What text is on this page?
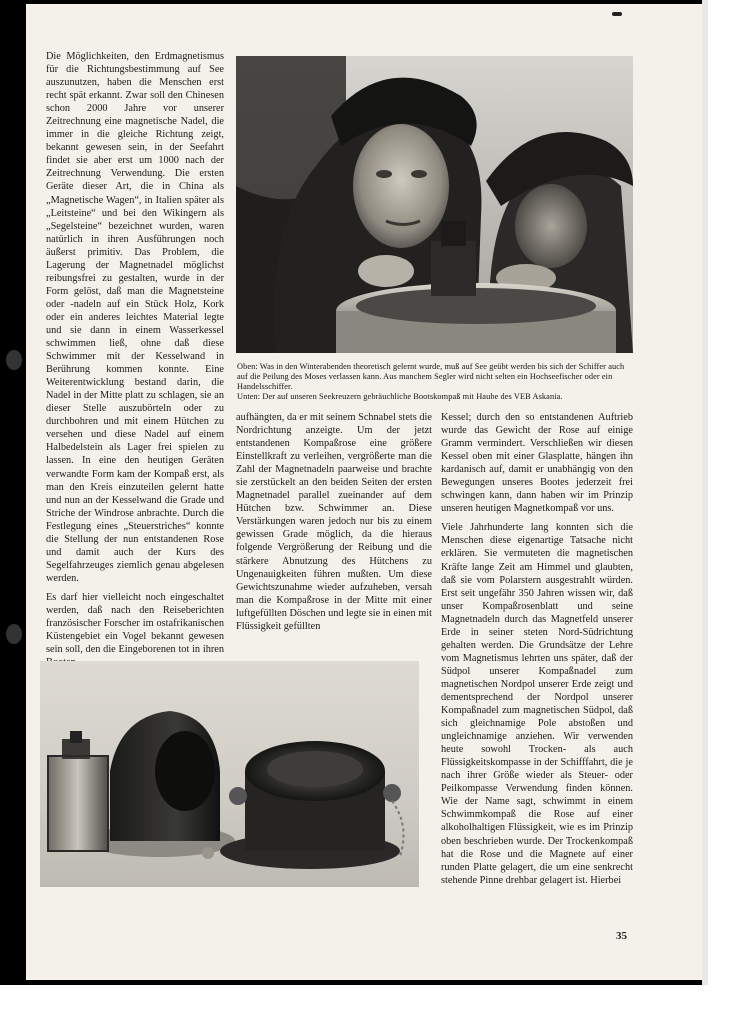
Oben: Was in den Winterabenden theoretisch gelernt wurde, muß auf See geübt werden bis sich der Schiffer auch auf die Peilung des Moses verlassen kann. Aus manchem Segler wird nicht selten ein Hochseefischer oder ein Handelsschiffer.
Unten: Der auf unseren Seekreuzern gebräuchliche Bootskompaß mit Haube des VEB Askania.

Die Möglichkeiten, den Erdmagnetismus für die Richtungsbestimmung auf See auszunutzen, haben die Menschen erst recht spät erkannt. Zwar soll den Chinesen schon 2000 Jahre vor unserer Zeitrechnung eine magnetische Nadel, die immer in die gleiche Richtung zeigt, bekannt gewesen sein, in der Seefahrt findet sie aber erst um 1000 nach der Zeitrechnung Verwendung. Die ersten Geräte dieser Art, die in China als „Magnetische Wagen“, in Italien später als „Leitsteine“ und bei den Wikingern als „Segelsteine“ bezeichnet wurden, waren natürlich in ihren Ausführungen noch äußerst primitiv. Das Problem, die Lagerung der Magnetnadel möglichst reibungsfrei zu gestalten, wurde in der Form gelöst, daß man die Magnetsteine oder -nadeln auf ein Stück Holz, Kork oder ein anderes leichtes Material legte und sie dann in einem Wasserkessel schwimmen ließ, ohne daß diese Schwimmer mit der Kesselwand in Berührung kommen konnte. Eine Weiterentwicklung bestand darin, die Nadel in der Mitte platt zu schlagen, sie an dieser Stelle auszubörteln oder zu durchbohren und mit einem Hütchen zu versehen und diese Nadel auf einem Halbedelstein als Lager frei spielen zu lassen. In eine den heutigen Geräten verwandte Form kam der Kompaß erst, als man den Kreis einzuteilen gelernt hatte und nun an der Kesselwand die Grade und Striche der Windrose anbrachte. Durch die Festlegung eines „Steuerstriches“ konnte die Stellung der nun entstandenen Rose und damit auch der Kurs des Segelfahrzeuges ziemlich genau abgelesen werden.

Es darf hier vielleicht noch eingeschaltet werden, daß nach den Reiseberichten französischer Forscher im ostafrikanischen Küstengebiet ein Vogel bekannt gewesen sein soll, den die Eingeborenen tot in ihren

aufhängten, da er mit seinem Schnabel stets die Nordrichtung anzeigte. Um der jetzt entstandenen Kompaßrose eine größere Einstellkraft zu verleihen, vergrößerte man die Zahl der Magnetnadeln paarweise und brachte sie zerstückelt an den beiden Seiten der ersten Magnetnadel parallel zueinander auf dem Hütchen bzw. Schwimmer an. Diese Verstärkungen waren jedoch nur bis zu einem gewissen Grade möglich, da die hieraus folgende Vergrößerung der Reibung und die stärkere Abnutzung des Hütchens zu Ungenauigkeiten führen mußten. Um diese Gewichtszunahme wieder aufzuheben, versah man die Kompaßrose in der Mitte mit einer luftgefüllten Döschen und legte sie in einen mit Flüssigkeit gefüllten

Kessel; durch den so entstandenen Auftrieb wurde das Gewicht der Rose auf einige Gramm vermindert. Verschließen wir diesen Kessel oben mit einer Glasplatte, hängen ihn kardanisch auf, damit er unabhängig von den Bewegungen unseres Bootes jederzeit frei schwingen kann, dann haben wir im Prinzip unseren heutigen Magnetkompaß vor uns.

Viele Jahrhunderte lang konnten sich die Menschen diese eigenartige Tatsache nicht erklären. Sie vermuteten die magnetischen Kräfte lange Zeit am Himmel und glaubten, daß sie vom Polarstern ausgestrahlt würden. Erst seit ungefähr 350 Jahren wissen wir, daß unser Kompaßrosenblatt und seine Magnetnadeln durch das Magnetfeld unserer Erde in seiner steten Nord-Südrichtung gehalten werden. Die Grundsätze der Lehre vom Magnetismus lehrten uns später, daß der Südpol unserer Kompaßnadel zum magnetischen Nordpol unserer Erde zeigt und dementsprechend der Nordpol unserer Kompaßnadel zum magnetischen Südpol, daß sich gleichnamige Pole abstoßen und ungleichnamige anziehen. Wir verwenden heute sowohl Trocken- als auch Flüssigkeitskompasse in der Schifffahrt, die je nach ihrer Größe wieder als Steuer- oder Peilkompasse Verwendung finden können. Wie der Name sagt, schwimmt in einem Schwimmkompaß die Rose auf einer alkoholhaltigen Flüssigkeit, wie es im Prinzip oben beschrieben wurde. Der Trockenkompaß hat die Rose und die Magnete auf einer runden Platte gelagert, die um eine senkrecht stehende Pinne drehbar gelagert ist. Hierbei

35
